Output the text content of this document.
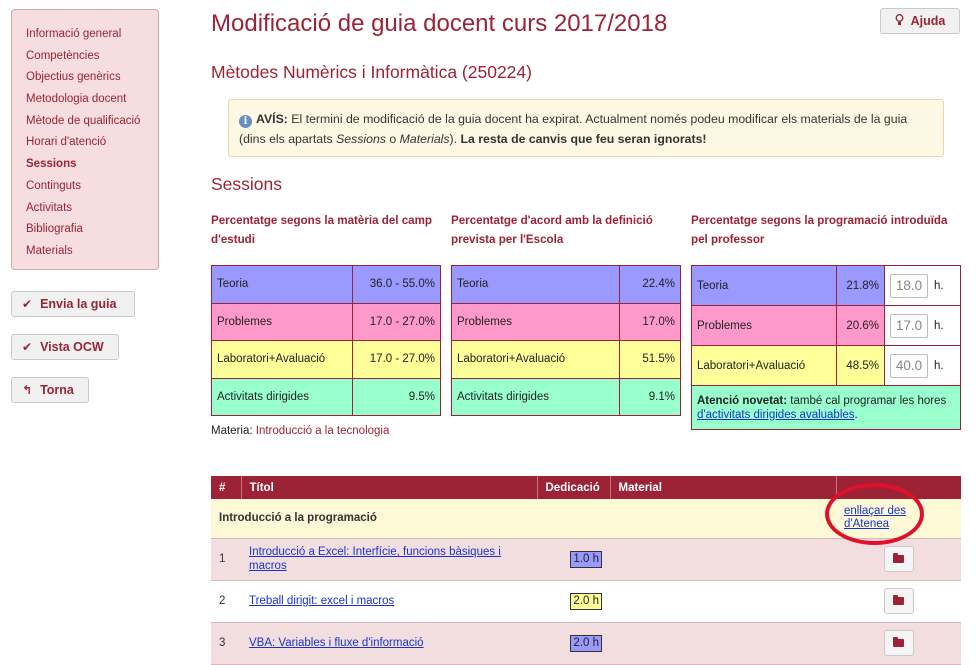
Informació general
Competències
Objectius genèrics
Metodologia docent
Mètode de qualificació
Horari d'atenció
Sessions
Continguts
Activitats
Bibliografia
Materials
✔ Envia la guia
✔ Vista OCW
↰ Torna
Modificació de guia docent curs 2017/2018
Mètodes Numèrics i Informàtica (250224)
Ajuda
i AVÍS: El termini de modificació de la guia docent ha expirat. Actualment només podeu modificar els materials de la guia (dins els apartats Sessions o Materials). La resta de canvis que feu seran ignorats!
Sessions

Percentatge segons la matèria del camp d'estudi

Percentatge d'acord amb la definició prevista per l'Escola

Percentatge segons la programació introduïda pel professor

Teoria	36.0 - 55.0%
Problemes	17.0 - 27.0%
Laboratori+Avaluació	17.0 - 27.0%
Activitats dirigides	9.5%
Teoria	22.4%
Problemes	17.0%
Laboratori+Avaluació	51.5%
Activitats dirigides	9.1%
Teoria	21.8%	18.0h.
Problemes	20.6%	17.0h.
Laboratori+Avaluació	48.5%	40.0h.
Atenció novetat: també cal programar les hores d'activitats dirigides avaluables.		
Materia: Introducció a la tecnologia
#	Títol	Dedicació	Material	
Introducció a la programació				enllaçar des d'Atenea
1	Introducció a Excel: Interfície, funcions bàsiques i macros	1.0 h		

2	Treball dirigit: excel i macros	2.0 h		

3	VBA: Variables i fluxe d'informació	2.0 h		
